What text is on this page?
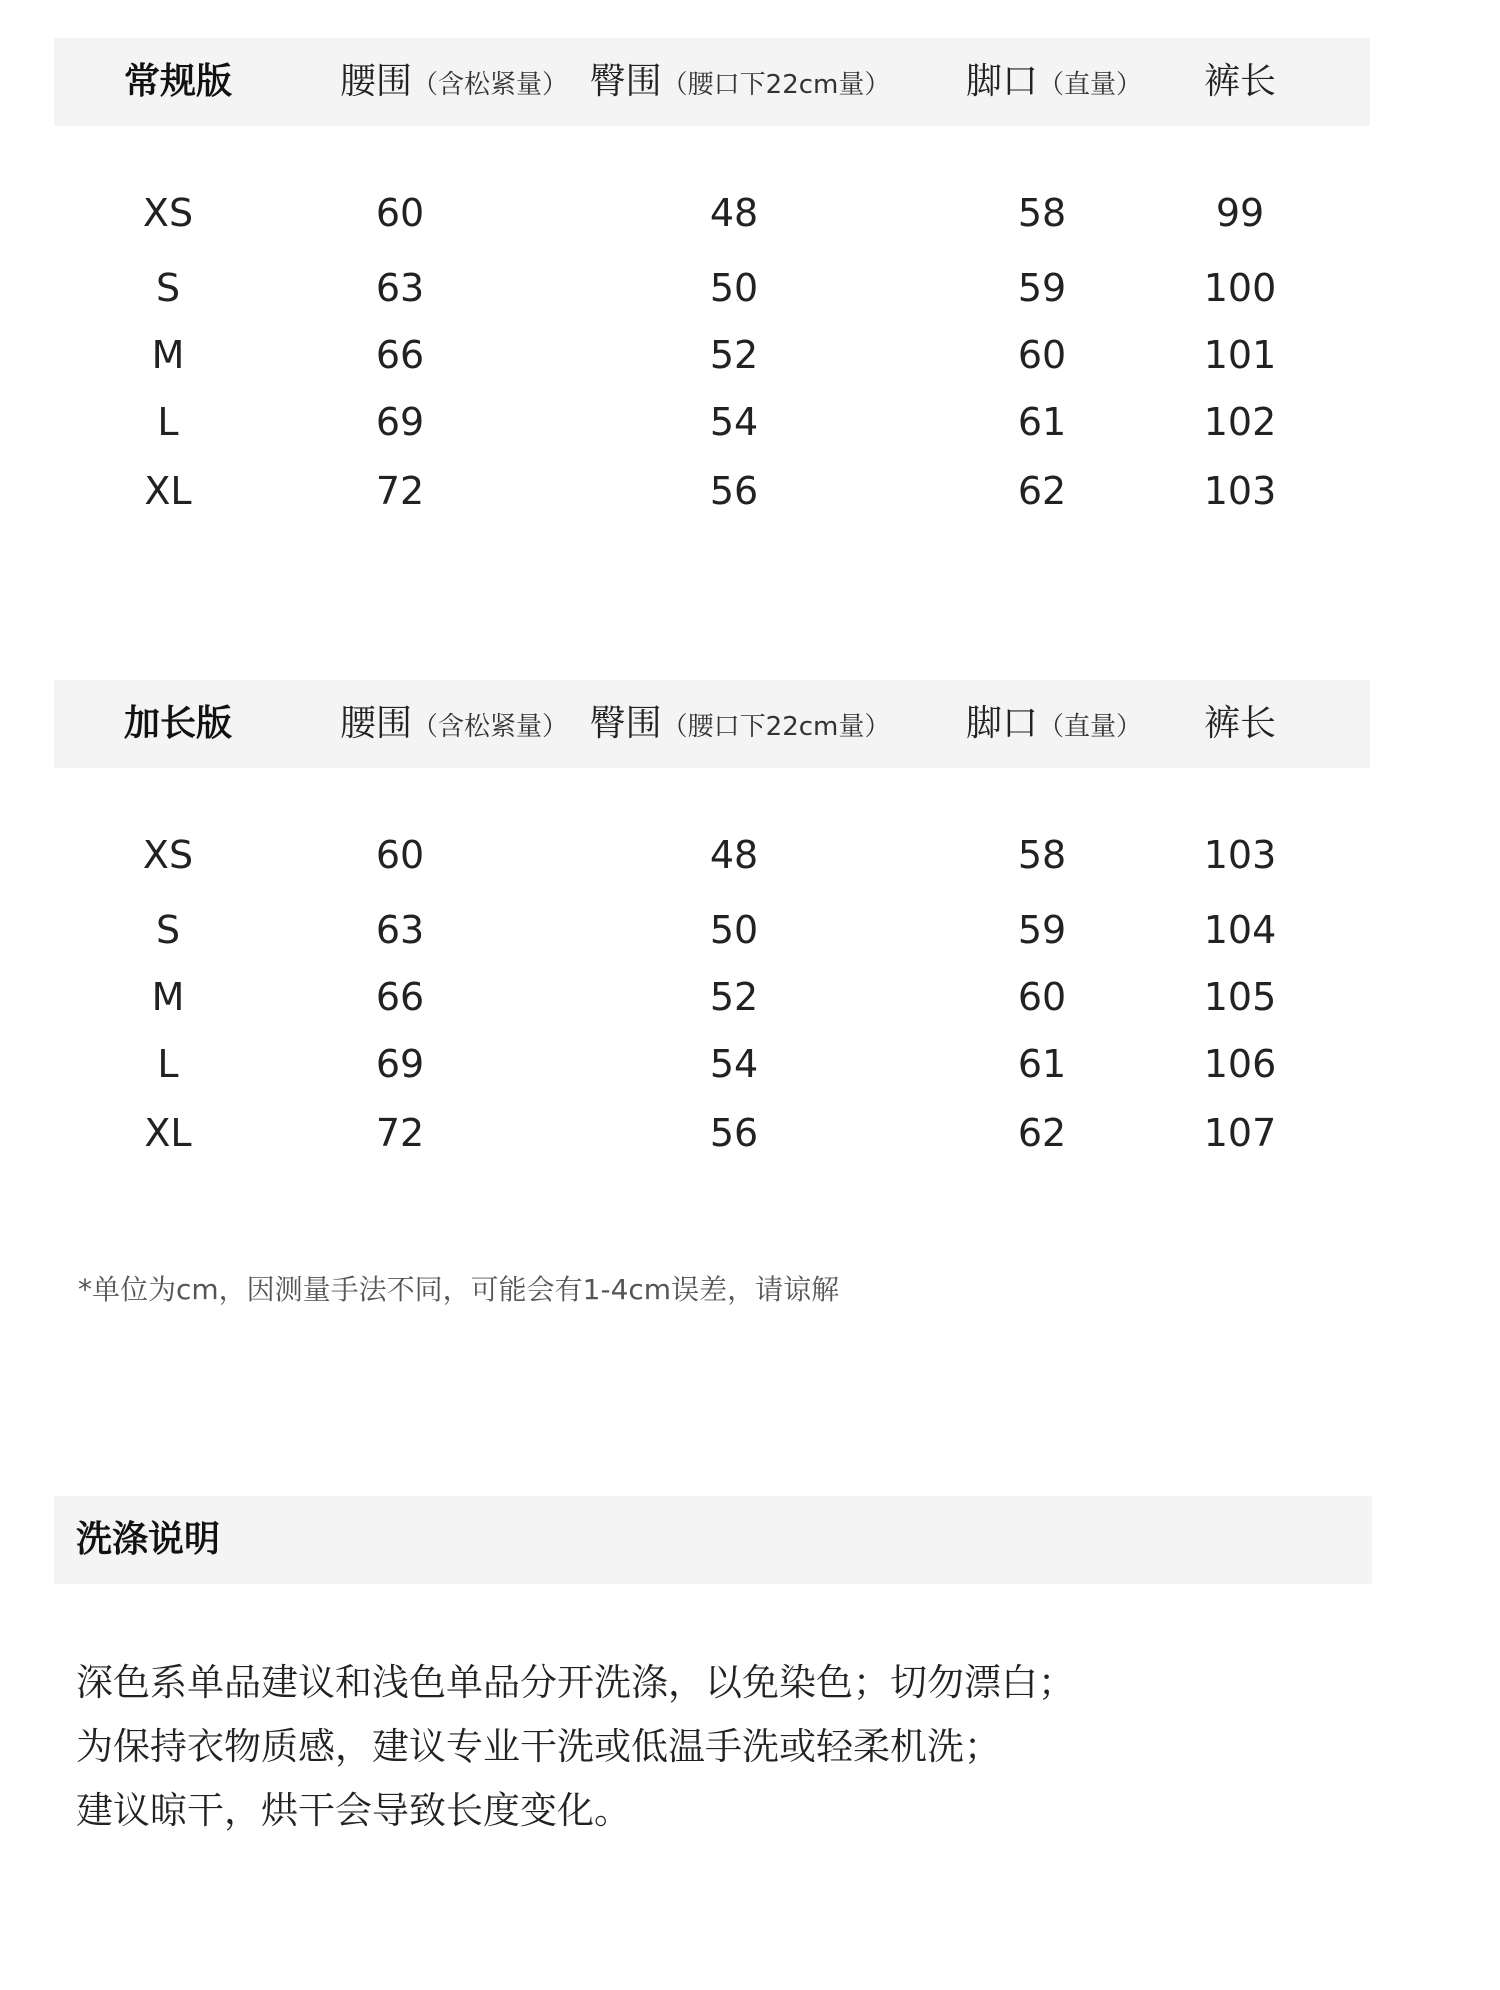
常规版	腰围（含松紧量） 臀围（腰口下22cm量） 脚口（直量） 裤长
XS	60	48	58	99
S	63	50	59	100
M	66	52	60	101
L	69	54	61	102
XL	72	56	62	103
加长版	腰围（含松紧量） 臀围（腰口下22cm量） 脚口（直量） 裤长
XS	60	48	58	103
S	63	50	59	104
M	66	52	60	105
L	69	54	61	106
XL	72	56	62	107
*单位为cm，因测量手法不同，可能会有1-4cm误差，请谅解
洗涤说明
深色系单品建议和浅色单品分开洗涤，以免染色；切勿漂白；
为保持衣物质感，建议专业干洗或低温手洗或轻柔机洗；
建议晾干，烘干会导致长度变化。
